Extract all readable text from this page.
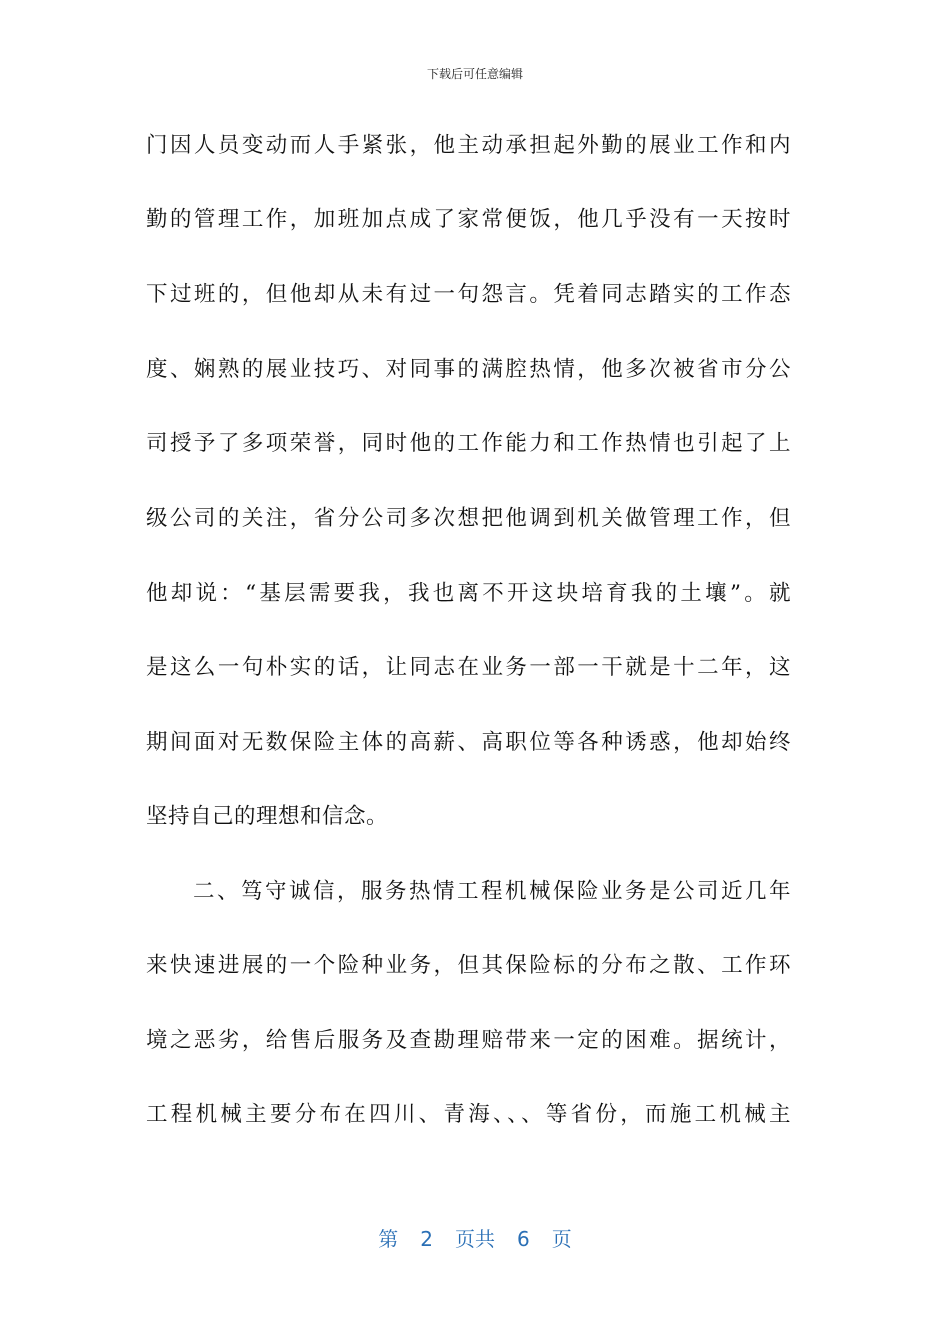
下载后可任意编辑
门因人员变动而人手紧张，他主动承担起外勤的展业工作和内
勤的管理工作，加班加点成了家常便饭，他几乎没有一天按时
下过班的，但他却从未有过一句怨言。凭着同志踏实的工作态
度、娴熟的展业技巧、对同事的满腔热情，他多次被省市分公
司授予了多项荣誉，同时他的工作能力和工作热情也引起了上
级公司的关注，省分公司多次想把他调到机关做管理工作，但
他却说：“基层需要我，我也离不开这块培育我的土壤”。就
是这么一句朴实的话，让同志在业务一部一干就是十二年，这
期间面对无数保险主体的高薪、高职位等各种诱惑，他却始终
坚持自己的理想和信念。
二、笃守诚信，服务热情工程机械保险业务是公司近几年
来快速进展的一个险种业务，但其保险标的分布之散、工作环
境之恶劣，给售后服务及查勘理赔带来一定的困难。据统计，
工程机械主要分布在四川、青海、、、等省份，而施工机械主
第 2 页共 6 页
